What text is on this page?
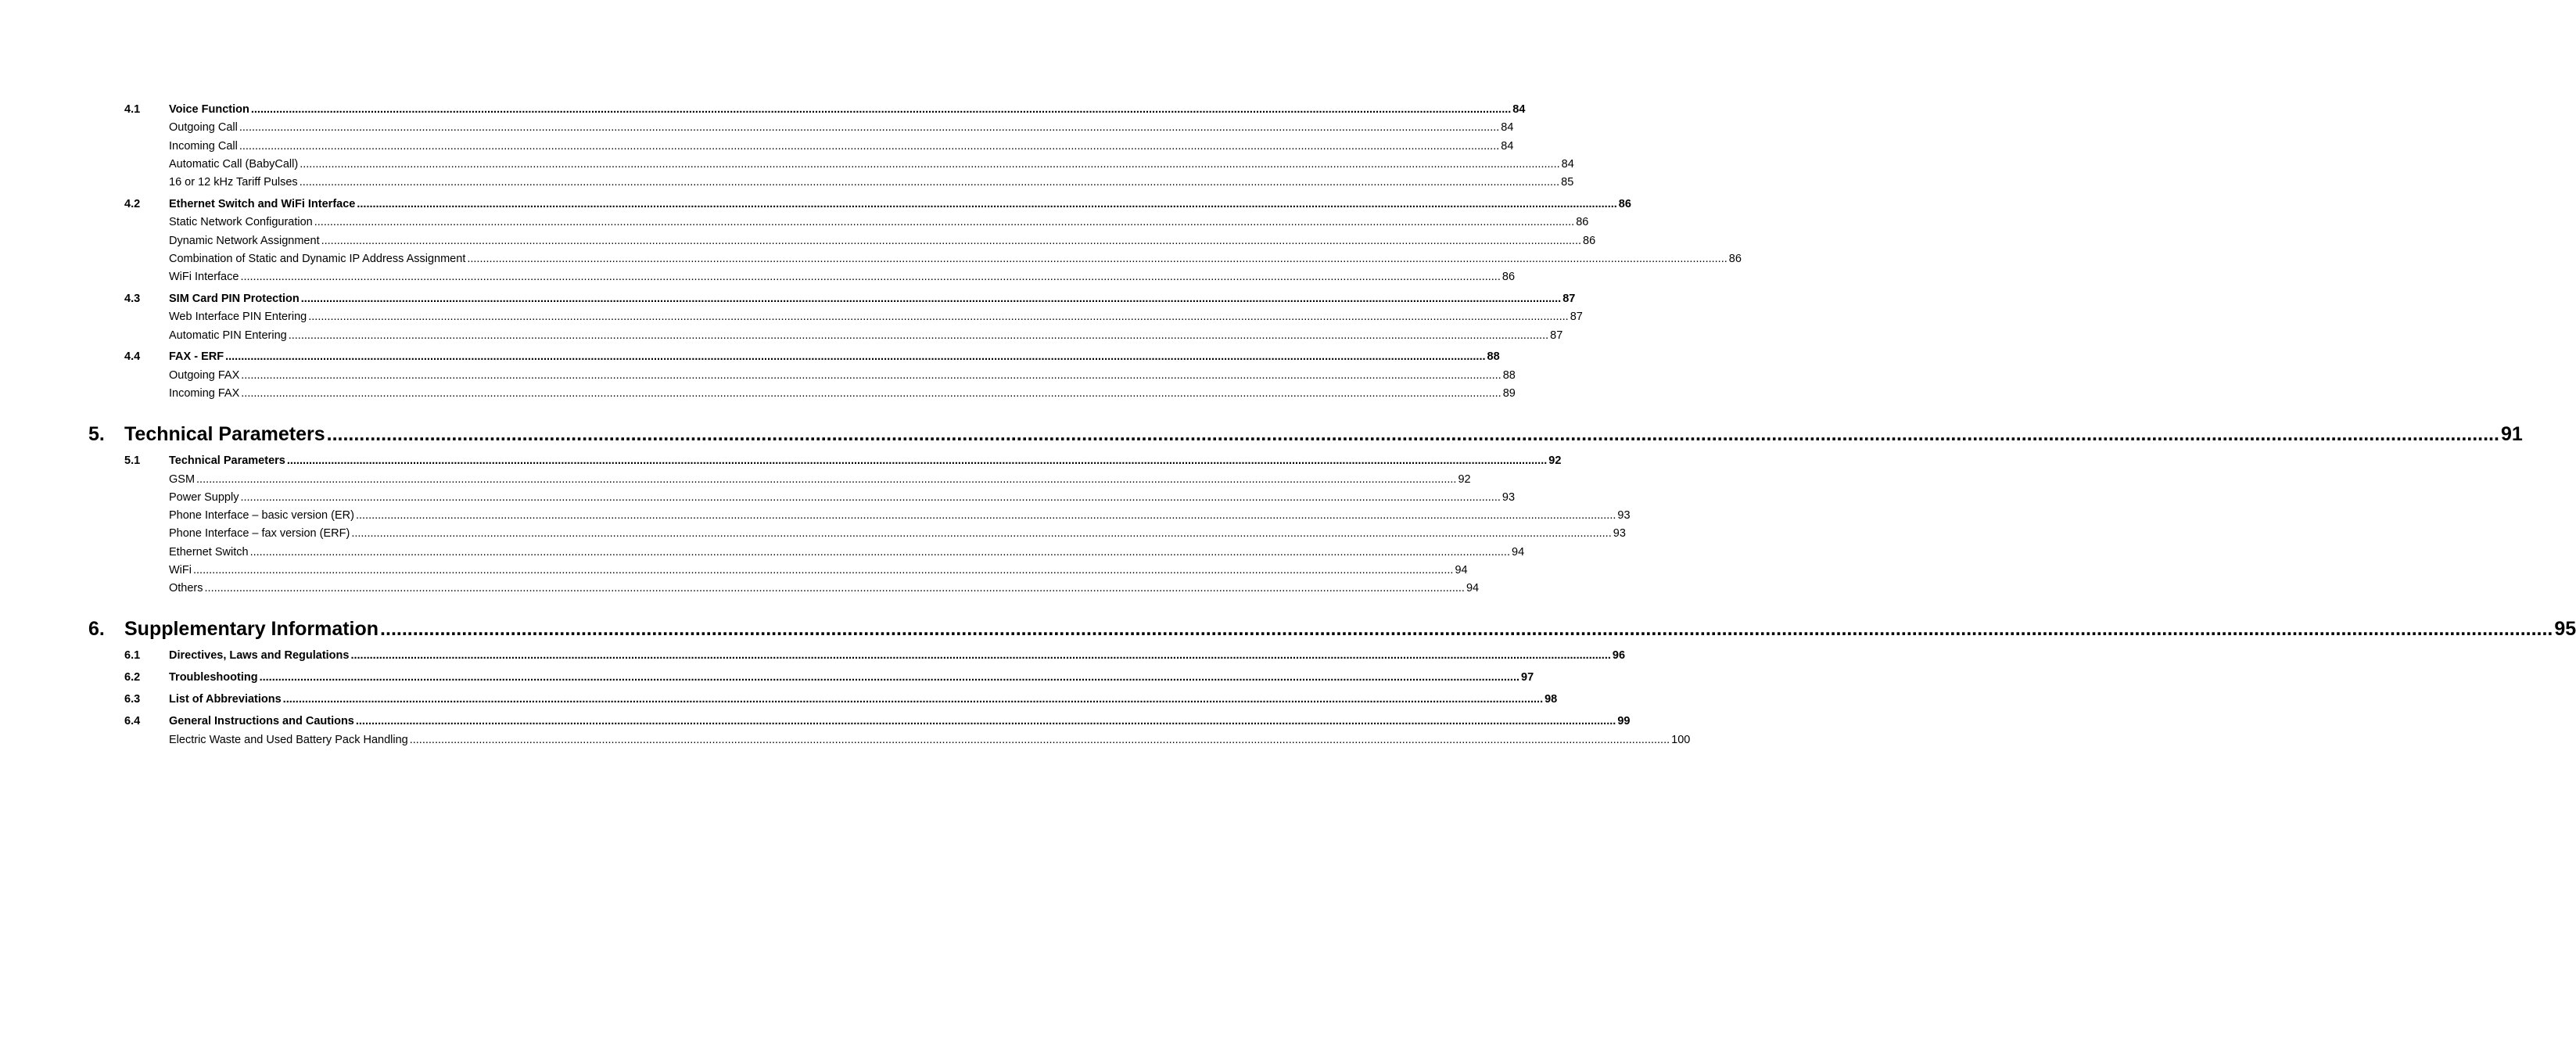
4.1	Voice Function ................................................................................................................................................................................................................................................................................................................................................................................................................ 84
Outgoing Call ................................................................................................................................................................................................................................................................................................................................................................................................................ 84
Incoming Call ................................................................................................................................................................................................................................................................................................................................................................................................................ 84
Automatic Call (BabyCall) ................................................................................................................................................................................................................................................................................................................................................................................................................ 84
16 or 12 kHz Tariff Pulses ................................................................................................................................................................................................................................................................................................................................................................................................................ 85
4.2	Ethernet Switch and WiFi Interface ................................................................................................................................................................................................................................................................................................................................................................................................................ 86
Static Network Configuration ................................................................................................................................................................................................................................................................................................................................................................................................................ 86
Dynamic Network Assignment ................................................................................................................................................................................................................................................................................................................................................................................................................ 86
Combination of Static and Dynamic IP Address Assignment ................................................................................................................................................................................................................................................................................................................................................................................................................ 86
WiFi Interface ................................................................................................................................................................................................................................................................................................................................................................................................................ 86
4.3	SIM Card PIN Protection ................................................................................................................................................................................................................................................................................................................................................................................................................ 87
Web Interface PIN Entering ................................................................................................................................................................................................................................................................................................................................................................................................................ 87
Automatic PIN Entering ................................................................................................................................................................................................................................................................................................................................................................................................................ 87
4.4	FAX - ERF ................................................................................................................................................................................................................................................................................................................................................................................................................ 88
Outgoing FAX ................................................................................................................................................................................................................................................................................................................................................................................................................ 88
Incoming FAX ................................................................................................................................................................................................................................................................................................................................................................................................................ 89
5. Technical Parameters ................................................................................................................................................................................................................................................................................................................................................................................................................ 91
5.1	Technical Parameters ................................................................................................................................................................................................................................................................................................................................................................................................................ 92
GSM ................................................................................................................................................................................................................................................................................................................................................................................................................ 92
Power Supply ................................................................................................................................................................................................................................................................................................................................................................................................................ 93
Phone Interface – basic version (ER) ................................................................................................................................................................................................................................................................................................................................................................................................................ 93
Phone Interface – fax version (ERF) ................................................................................................................................................................................................................................................................................................................................................................................................................ 93
Ethernet Switch ................................................................................................................................................................................................................................................................................................................................................................................................................ 94
WiFi ................................................................................................................................................................................................................................................................................................................................................................................................................ 94
Others ................................................................................................................................................................................................................................................................................................................................................................................................................ 94
6. Supplementary Information ................................................................................................................................................................................................................................................................................................................................................................................................................ 95
6.1	Directives, Laws and Regulations ................................................................................................................................................................................................................................................................................................................................................................................................................ 96
6.2	Troubleshooting ................................................................................................................................................................................................................................................................................................................................................................................................................ 97
6.3	List of Abbreviations ................................................................................................................................................................................................................................................................................................................................................................................................................ 98
6.4	General Instructions and Cautions ................................................................................................................................................................................................................................................................................................................................................................................................................ 99
Electric Waste and Used Battery Pack Handling ................................................................................................................................................................................................................................................................................................................................................................................................................ 100
